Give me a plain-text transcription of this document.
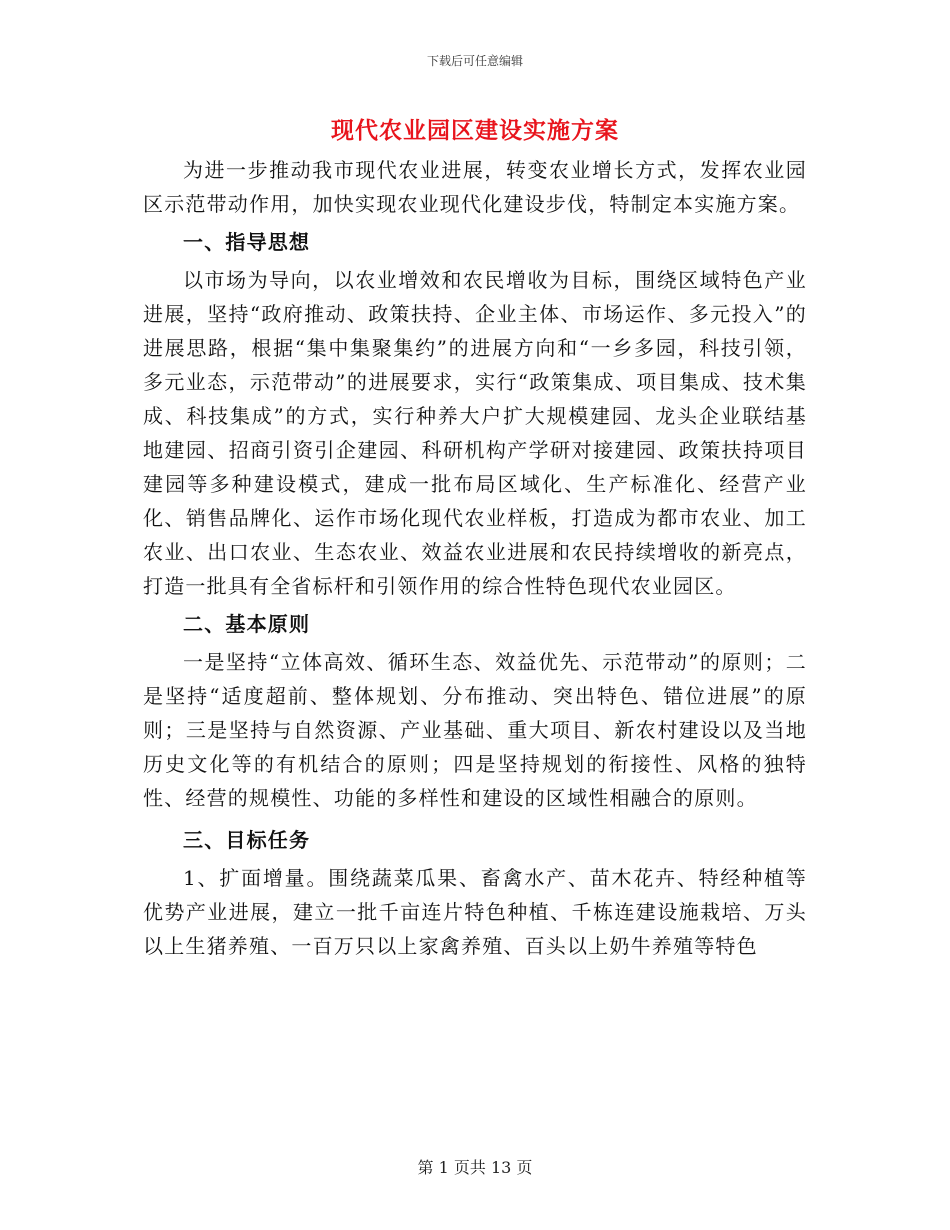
下载后可任意编辑
现代农业园区建设实施方案

为进一步推动我市现代农业进展，转变农业增长方式，发挥农业园区示范带动作用，加快实现农业现代化建设步伐，特制定本实施方案。

一、指导思想

以市场为导向，以农业增效和农民增收为目标，围绕区域特色产业进展，坚持“政府推动、政策扶持、企业主体、市场运作、多元投入”的进展思路，根据“集中集聚集约”的进展方向和“一乡多园，科技引领，多元业态，示范带动”的进展要求，实行“政策集成、项目集成、技术集成、科技集成”的方式，实行种养大户扩大规模建园、龙头企业联结基地建园、招商引资引企建园、科研机构产学研对接建园、政策扶持项目建园等多种建设模式，建成一批布局区域化、生产标准化、经营产业化、销售品牌化、运作市场化现代农业样板，打造成为都市农业、加工农业、出口农业、生态农业、效益农业进展和农民持续增收的新亮点，打造一批具有全省标杆和引领作用的综合性特色现代农业园区。

二、基本原则

一是坚持“立体高效、循环生态、效益优先、示范带动”的原则；二是坚持“适度超前、整体规划、分布推动、突出特色、错位进展”的原则；三是坚持与自然资源、产业基础、重大项目、新农村建设以及当地历史文化等的有机结合的原则；四是坚持规划的衔接性、风格的独特性、经营的规模性、功能的多样性和建设的区域性相融合的原则。

三、目标任务

1、扩面增量。围绕蔬菜瓜果、畜禽水产、苗木花卉、特经种植等优势产业进展，建立一批千亩连片特色种植、千栋连建设施栽培、万头以上生猪养殖、一百万只以上家禽养殖、百头以上奶牛养殖等特色

第 1 页共 13 页
